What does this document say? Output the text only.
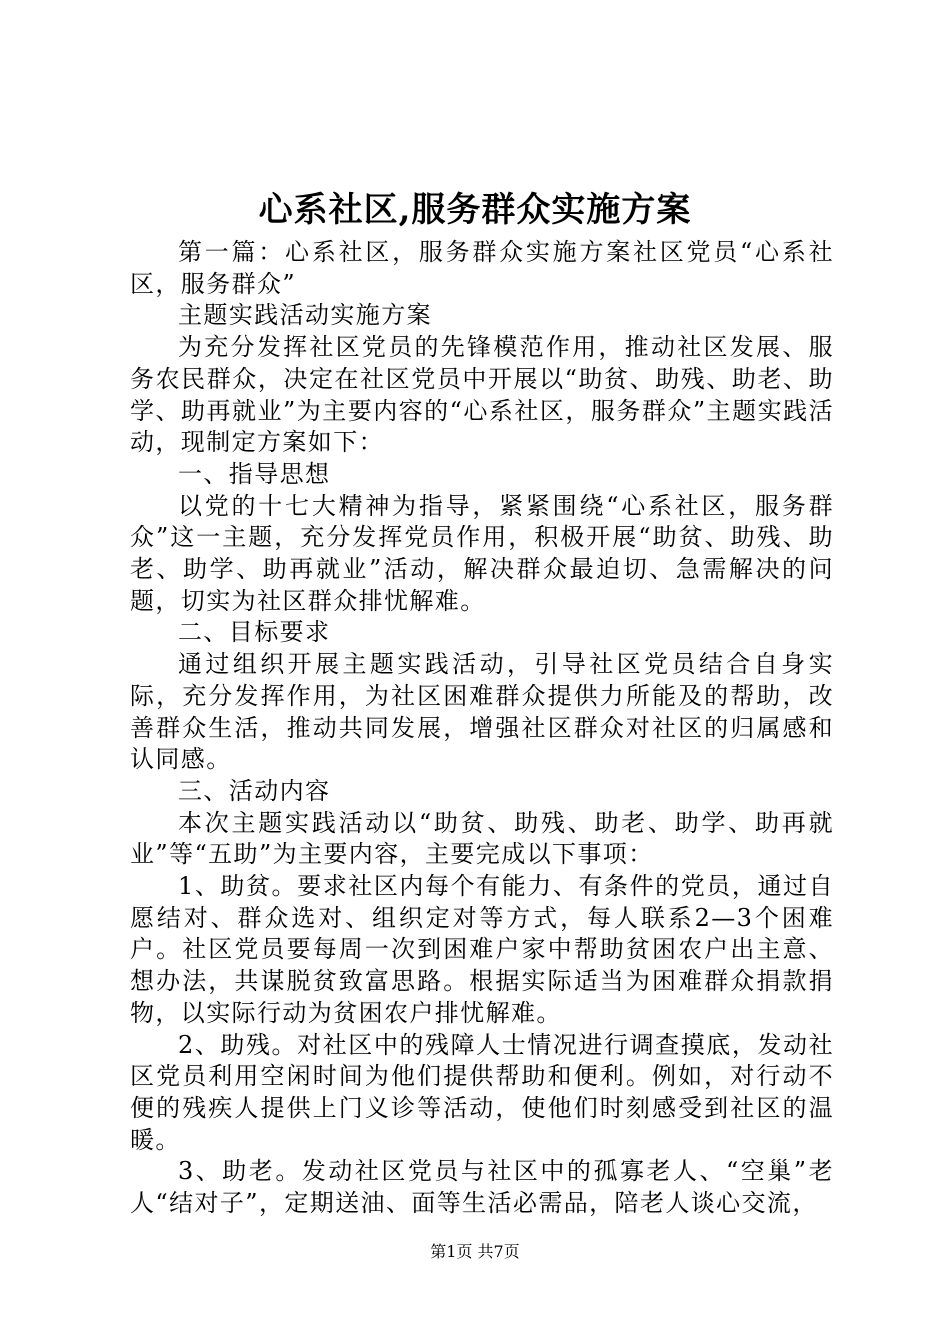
心系社区,服务群众实施方案

第一篇：心系社区，服务群众实施方案社区党员“心系社区，服务群众”

主题实践活动实施方案

为充分发挥社区党员的先锋模范作用，推动社区发展、服务农民群众，决定在社区党员中开展以“助贫、助残、助老、助学、助再就业”为主要内容的“心系社区，服务群众”主题实践活动，现制定方案如下：

一、指导思想

以党的十七大精神为指导，紧紧围绕“心系社区，服务群众”这一主题，充分发挥党员作用，积极开展“助贫、助残、助老、助学、助再就业”活动，解决群众最迫切、急需解决的问题，切实为社区群众排忧解难。

二、目标要求

通过组织开展主题实践活动，引导社区党员结合自身实际，充分发挥作用，为社区困难群众提供力所能及的帮助，改善群众生活，推动共同发展，增强社区群众对社区的归属感和认同感。

三、活动内容

本次主题实践活动以“助贫、助残、助老、助学、助再就业”等“五助”为主要内容，主要完成以下事项：

1、助贫。要求社区内每个有能力、有条件的党员，通过自愿结对、群众选对、组织定对等方式，每人联系2—3个困难户。社区党员要每周一次到困难户家中帮助贫困农户出主意、想办法，共谋脱贫致富思路。根据实际适当为困难群众捐款捐物，以实际行动为贫困农户排忧解难。

2、助残。对社区中的残障人士情况进行调查摸底，发动社区党员利用空闲时间为他们提供帮助和便利。例如，对行动不便的残疾人提供上门义诊等活动，使他们时刻感受到社区的温暖。

3、助老。发动社区党员与社区中的孤寡老人、“空巢”老人“结对子”，定期送油、面等生活必需品，陪老人谈心交流，

第1页 共7页
